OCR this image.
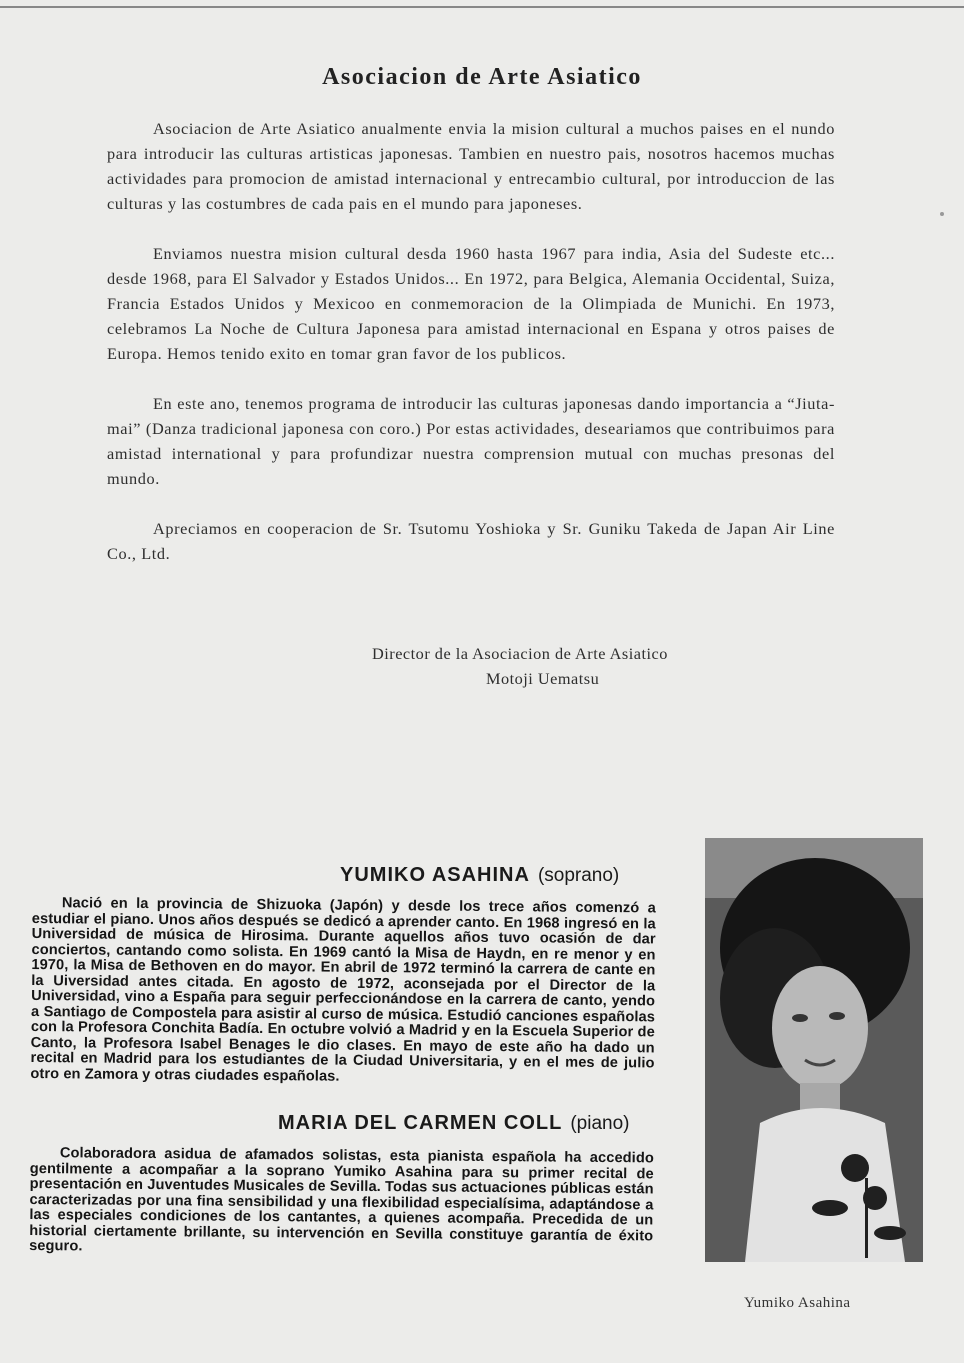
Asociacion de Arte Asiatico

Asociacion de Arte Asiatico anualmente envia la mision cultural a muchos paises en el nundo para introducir las culturas artisticas japonesas. Tambien en nuestro pais, nosotros hacemos muchas actividades para promocion de amistad internacional y entrecambio cultural, por introduccion de las culturas y las costumbres de cada pais en el mundo para japoneses.

Enviamos nuestra mision cultural desda 1960 hasta 1967 para india, Asia del Sudeste etc... desde 1968, para El Salvador y Estados Unidos... En 1972, para Belgica, Alemania Occidental, Suiza, Francia Estados Unidos y Mexicoo en conmemoracion de la Olimpiada de Munichi. En 1973, celebramos La Noche de Cultura Japonesa para amistad internacional en Espana y otros paises de Europa. Hemos tenido exito en tomar gran favor de los publicos.

En este ano, tenemos programa de introducir las culturas japonesas dando importancia a “Jiuta-mai” (Danza tradicional japonesa con coro.) Por estas actividades, deseariamos que contribuimos para amistad international y para profundizar nuestra comprension mutual con muchas presonas del mundo.

Apreciamos en cooperacion de Sr. Tsutomu Yoshioka y Sr. Guniku Takeda de Japan Air Line Co., Ltd.

Director de la Asociacion de Arte Asiatico
Motoji Uematsu
YUMIKO ASAHINA (soprano)
Nació en la provincia de Shizuoka (Japón) y desde los trece años comenzó a estudiar el piano. Unos años después se dedicó a aprender canto. En 1968 ingresó en la Universidad de música de Hirosima. Durante aquellos años tuvo ocasión de dar conciertos, cantando como solista. En 1969 cantó la Misa de Haydn, en re menor y en 1970, la Misa de Bethoven en do mayor. En abril de 1972 terminó la carrera de cante en la Uiversidad antes citada. En agosto de 1972, aconsejada por el Director de la Universidad, vino a España para seguir perfeccionándose en la carrera de canto, yendo a Santiago de Compostela para asistir al curso de música. Estudió canciones españolas con la Profesora Conchita Badía. En octubre volvió a Madrid y en la Escuela Superior de Canto, la Profesora Isabel Benages le dio clases. En mayo de este año ha dado un recital en Madrid para los estudiantes de la Ciudad Universitaria, y en el mes de julio otro en Zamora y otras ciudades españolas.
MARIA DEL CARMEN COLL (piano)
Colaboradora asidua de afamados solistas, esta pianista española ha accedido gentilmente a acompañar a la soprano Yumiko Asahina para su primer recital de presentación en Juventudes Musicales de Sevilla. Todas sus actuaciones públicas están caracterizadas por una fina sensibilidad y una flexibilidad especialísima, adaptándose a las especiales condiciones de los cantantes, a quienes acompaña. Precedida de un historial ciertamente brillante, su intervención en Sevilla constituye garantía de éxito seguro.
Yumiko Asahina
